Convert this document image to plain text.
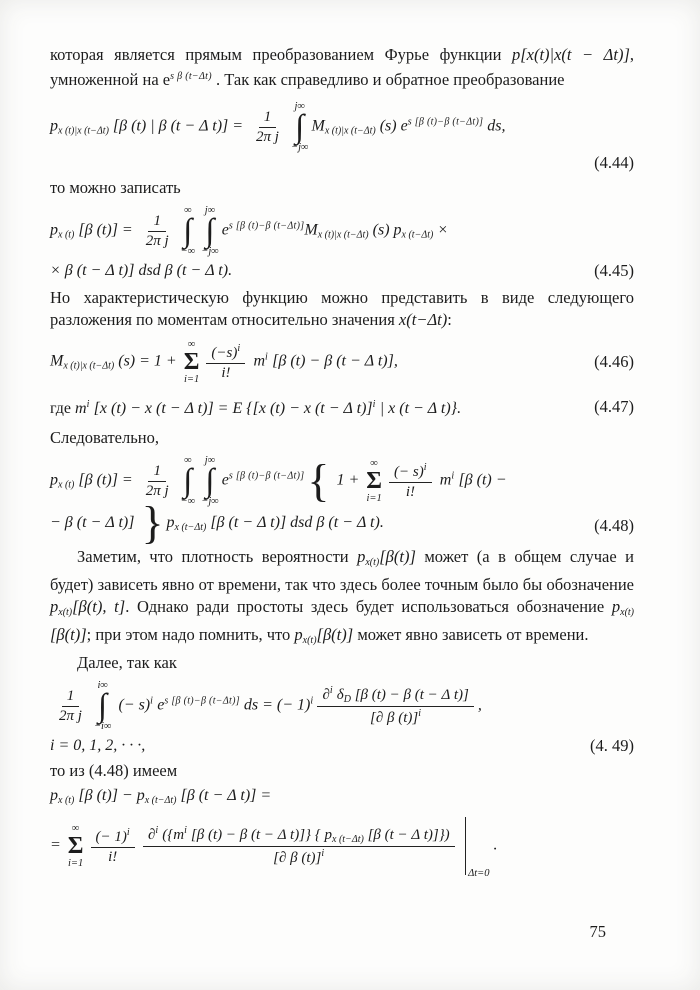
которая является прямым преобразованием Фурье функции p[x(t)|x(t − Δt)], умноженной на $e^{s \beta (t-\Delta t)}$ . Так как справедливо и обратное преобразование

$p_{x (t)|x (t-\Delta t)}$ [β (t) | β (t − Δ $t)] = \frac{1}{\text{2π j}}$
j∞
∫
−j∞
$M_{x (t)|x (t-\Delta t)}$ (s) $e^{s [\beta (t)-\beta (t-\Delta t)]}$ ds,
(4.44)

то можно записать

$p_{x (t)}$ [β $(t)] = \frac{1}{\text{2π j}}$
∞
∫
−∞
j∞
∫
−j∞
$e^{s [\beta (t)-\beta (t-\Delta t)]}M_{x (t)|x (t-\Delta t)}$ (s) $p_{x (t-\Delta t)}$ ×
× β (t − Δ t)] dsd β (t − Δ t).	(4.45)

Но характеристическую функцию можно представить в виде следующего разложения по моментам относительно значения x(t−Δt):

$M_{x (t)|x (t-\Delta t)}$ (s) = 1 +
∞
Σ
$i=1 \frac{(-s)^i}{i!} m^i$ [β (t) − β (t − Δ t)],	(4.46)
где $m^i$ [x (t) − x (t − Δ t)] = E {[x (t) − x (t − Δ t)]$^i$ | x (t − Δ t)}.	(4.47)

Следовательно,

$p_{x (t)}$ [β $(t)] = \frac{1}{\text{2π j}}$
∞
∫
−∞
j∞
∫
−j∞
$e^{s [\beta (t)-\beta (t-\Delta t)]}${ 1 +
∞
Σ
$i=1 \frac{(- s)^i}{i!} m^i$ [β (t) −
− β (t − Δ t)] } $p_{x (t-\Delta t)}$ [β (t − Δ t)] dsd β (t − Δ t).	(4.48)

Заметим, что плотность вероятности $p_{x(t)}[\beta(t)]$ может (а в общем случае и будет) зависеть явно от времени, так что здесь более точным было бы обозначение $p_{x(t)}[\beta(t)$, t]. Однако ради простоты здесь будет использоваться обозначение $p_{x(t)}[\beta(t)]$; при этом надо помнить, что $p_{x(t)}[\beta(t)]$ может явно зависеть от времени.

Далее, так как

$\frac{1}{\text{2π j}}$
i∞
∫
−i∞
(− s)$^i$ $e^{s [\beta (t)-\beta (t-\Delta t)]}$ ds = (− $1)^i \frac{\partial^i \delta_D [\beta (t) - \beta (t - \Delta t)]}{[\partial \beta (t)]^i}$ ,
i = 0, 1, 2, · · ·,	(4. 49)

то из (4.48) имеем

$p_{x (t)}$ [β $(t)] - p_{x (t-\Delta t)}$ [β (t − Δ t)] =
=
∞
Σ
$i=1 \frac{(- 1)^i}{i!} \frac{\partial^i (\{m^i [\beta (t) - \beta (t - \Delta t)]\} \{ p_{x (t-\Delta t)} [\beta (t - \Delta t)]\})}{[\partial \beta (t)]^i}$
Δt=0
.
75
